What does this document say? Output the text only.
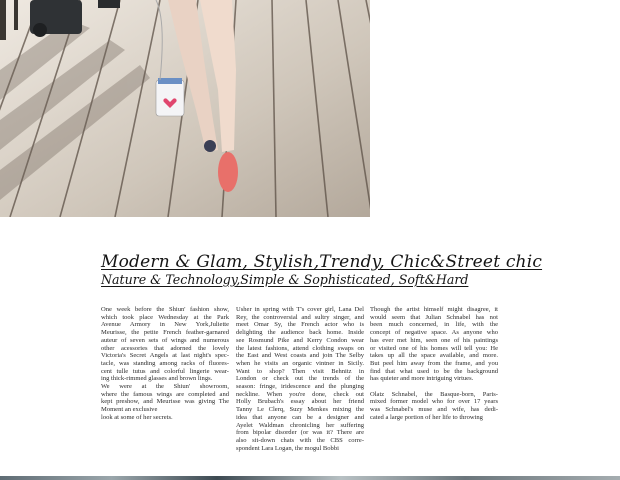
Modern & Glam, Stylish,Trendy, Chic&Street chic
Nature & Technology,Simple & Sophisticated, Soft&Hard
One week before the Shiun' fashion show,
which took place Wednesday at the Park
Avenue Armory in New York,Juliette
Meurisse, the petite French feather-garnared
auteur of seven sets of wings and numerous
other acessories that adorned the lovely
Victoria's Secret Angels at last night's spec-
tacle, was standing among racks of fluores-
cent tulle tutus and colorful lingerie wear-
ing thick-rimmed glasses and brown lings.
We were at the Shiun' showroom,
where the famous wings are completed and
kept preshow, and Meurisse was giving The
Moment an exclusive
look at some of her secrets.
Usher in spring with T's cover girl, Lana Del
Rey, the controversial and sultry singer, and
meet Omar Sy, the French actor who is
delighting the audience back home. Inside
see Rosmund Pike and Kerry Condon wear
the latest fashions, attend clothing swaps on
the East and West coasts and join The Selby
when he visits an organic vintner in Sicily.
Want to shop? Then visit Behnitz in
London or check out the trends of the
season: fringe, iridescence and the plunging
neckline. When you're done, check out
Holly Brubach's essay about her friend
Tanny Le Clerq, Suzy Menkes mixing the
idea that anyone can be a designer and
Ayelet Waldman chronicling her suffering
from bipolar disorder (or was it? There are
also sit-down chats with the CBS corre-
spondent Lara Logan, the mogul Bobbi
Though the artist himself might disagree, it
would seem that Julian Schnabel has not
been much concerned, in life, with the
concept of negative space. As anyone who
has ever met him, seen one of his paintings
or visited one of his homes will tell you: He
takes up all the space available, and more.
But peel him away from the frame, and you
find that what used to be the background
has quieter and more intriguing virtues.
Olatz Schnabel, the Basque-born, Paris-
mixed former model who for over 17 years
was Schnabel's muse and wife, has dedi-
cated a large portion of her life to throwing
